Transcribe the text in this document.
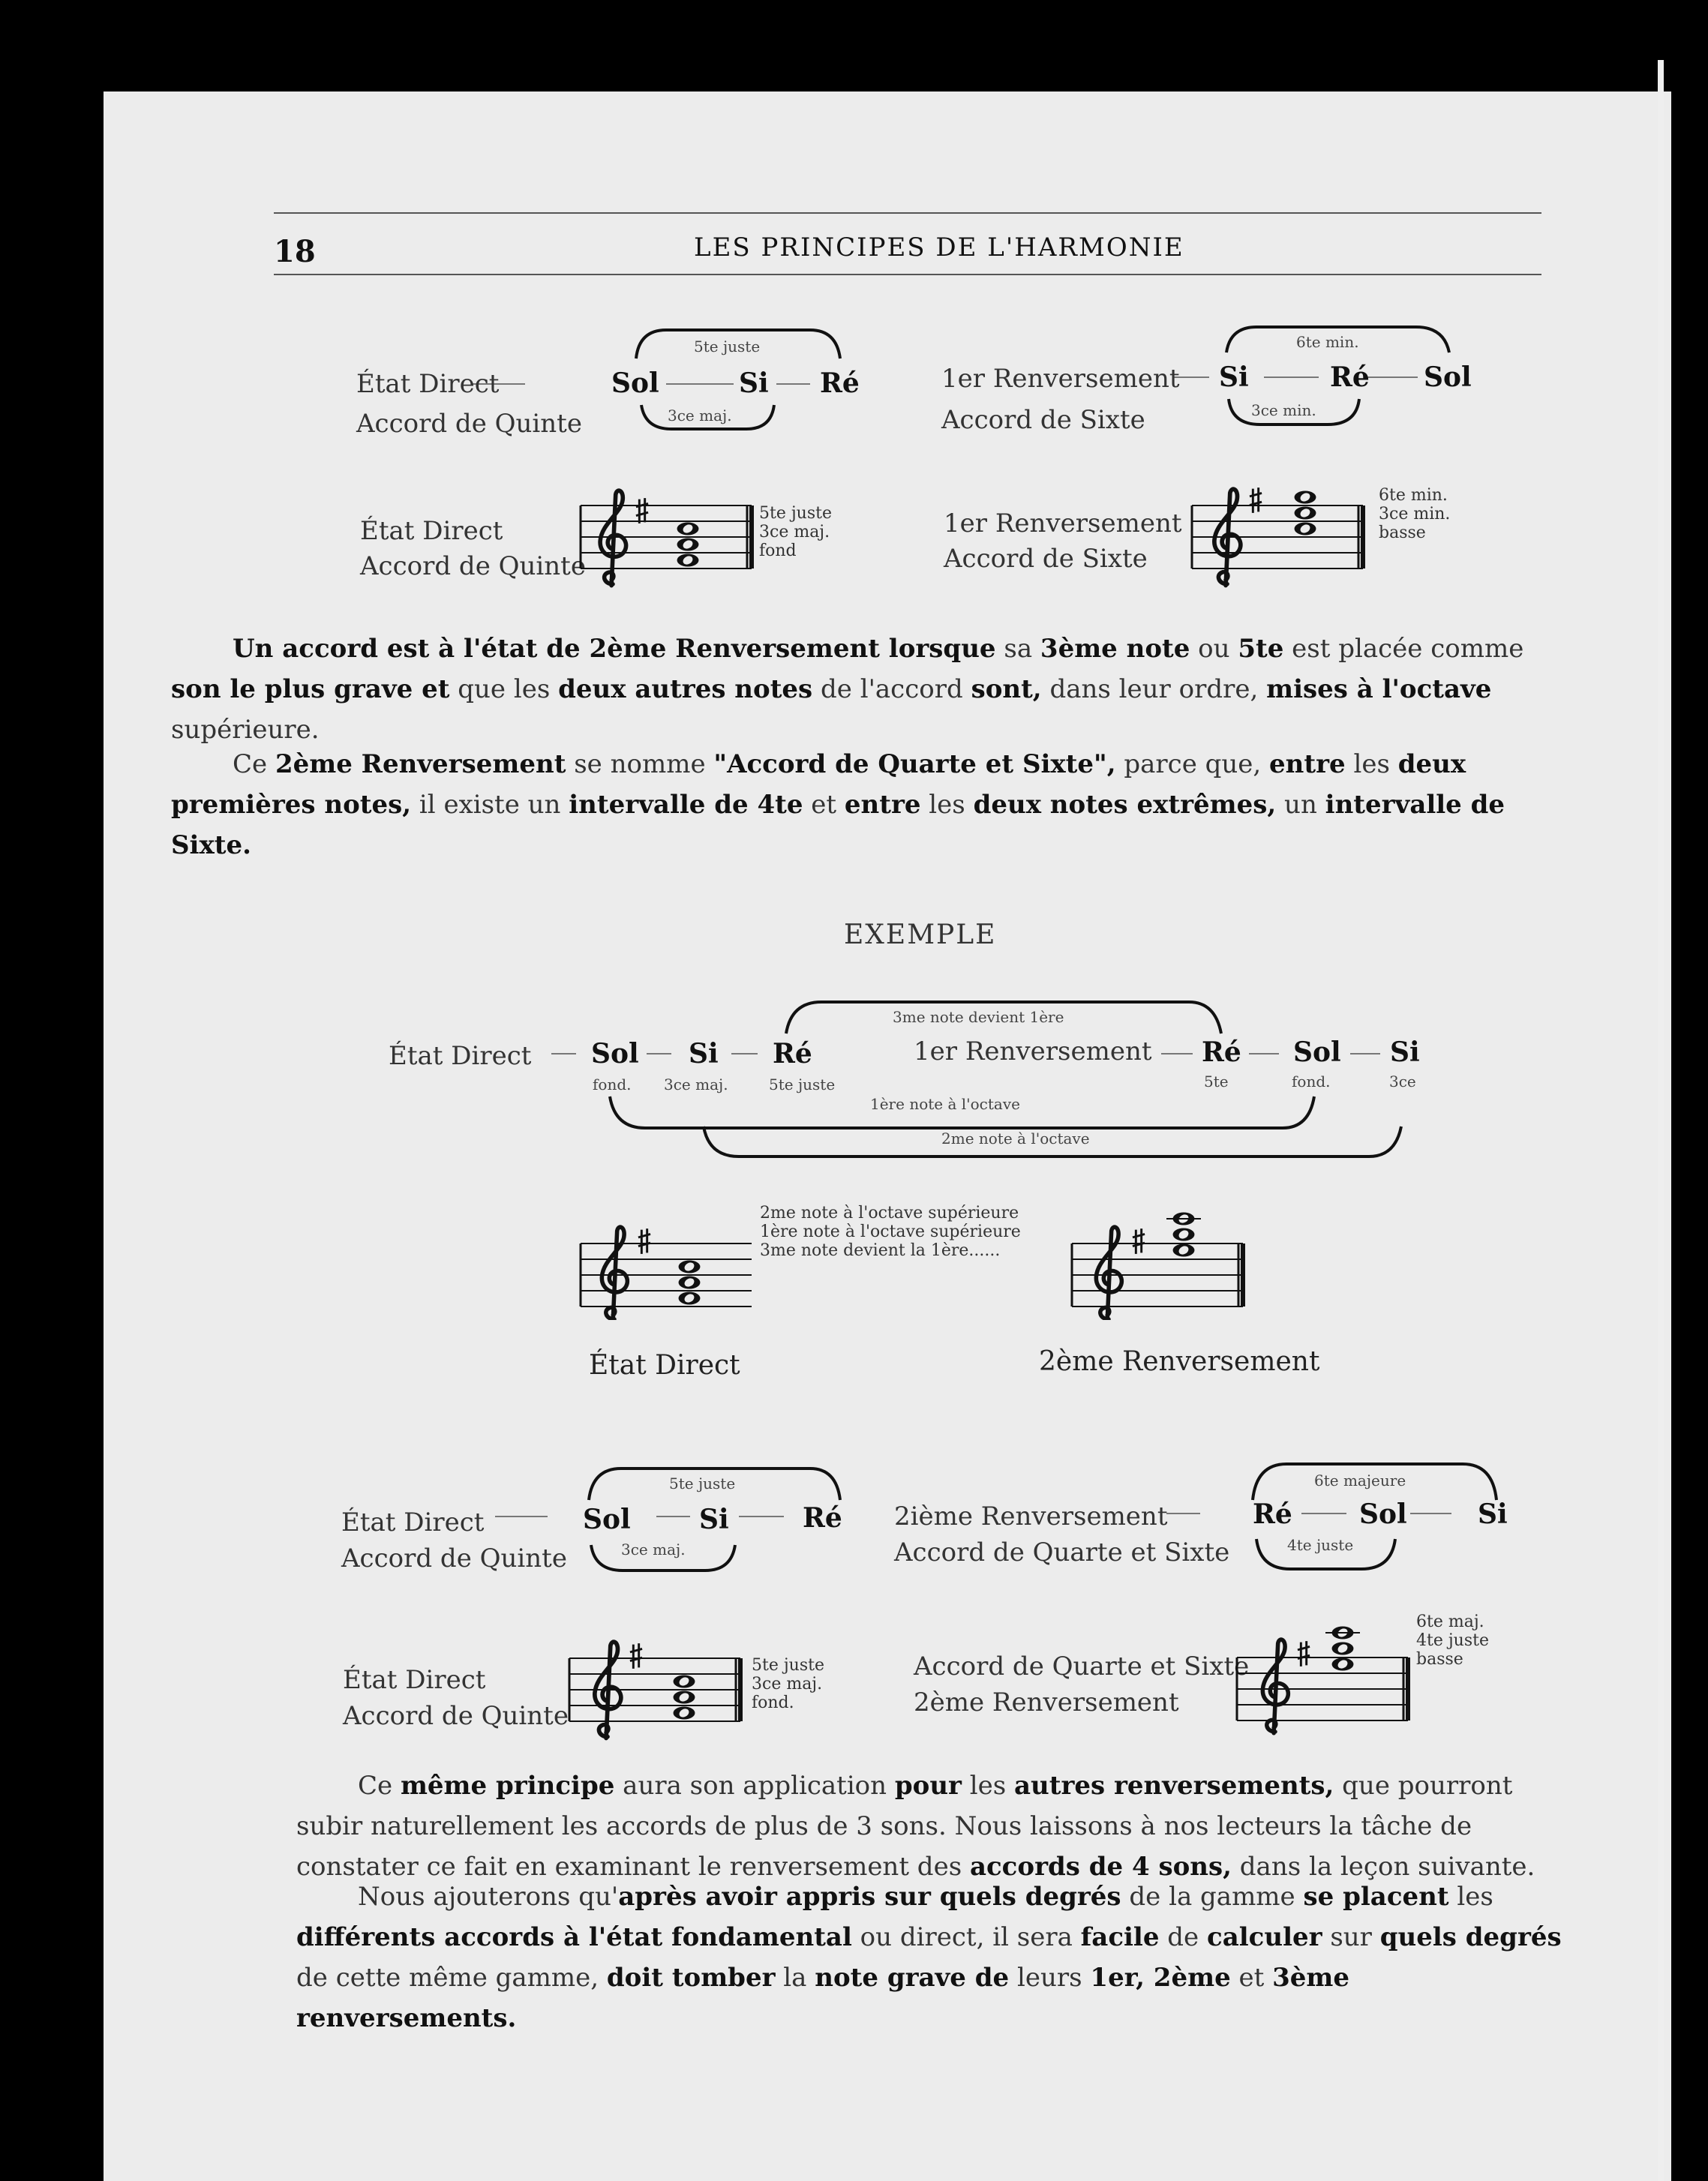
18	LES PRINCIPES DE L'HARMONIE
État Direct
Accord de Quinte
Sol	Si Ré
5te juste
3ce maj.
1er Renversement
Accord de Sixte
Si	Ré Sol
6te min.
3ce min.
État Direct
Accord de Quinte
5te juste
3ce maj.
fond
1er Renversement
Accord de Sixte
6te min.
3ce min.
basse

Un accord est à l'état de 2ème Renversement lorsque sa 3ème note ou 5te est placée comme son le plus grave et que les deux autres notes de l'accord sont, dans leur ordre, mises à l'octave supérieure.

Ce 2ème Renversement se nomme "Accord de Quarte et Sixte", parce que, entre les deux premières notes, il existe un intervalle de 4te et entre les deux notes extrêmes, un intervalle de Sixte.

EXEMPLE
État Direct Sol Si Ré
fond. 3ce maj.	5te juste
3me note devient 1ère
1er Renversement Ré Sol Si
5te	fond.	3ce
1ère note à l'octave
2me note à l'octave
2me note à l'octave supérieure
1ère note à l'octave supérieure
3me note devient la 1ère......
État Direct	2ème Renversement
État Direct
Accord de Quinte
Sol	Si	Ré
5te juste
3ce maj.
2ième Renversement
Accord de Quarte et Sixte
Ré Sol	Si
6te majeure
4te juste
État Direct
Accord de Quinte
5te juste
3ce maj.
fond.
Accord de Quarte et Sixte
2ème Renversement
6te maj.
4te juste
basse

Ce même principe aura son application pour les autres renversements, que pourront subir naturellement les accords de plus de 3 sons. Nous laissons à nos lecteurs la tâche de constater ce fait en examinant le renversement des accords de 4 sons, dans la leçon suivante.

Nous ajouterons qu'après avoir appris sur quels degrés de la gamme se placent les différents accords à l'état fondamental ou direct, il sera facile de calculer sur quels degrés de cette même gamme, doit tomber la note grave de leurs 1er, 2ème et 3ème renversements.
